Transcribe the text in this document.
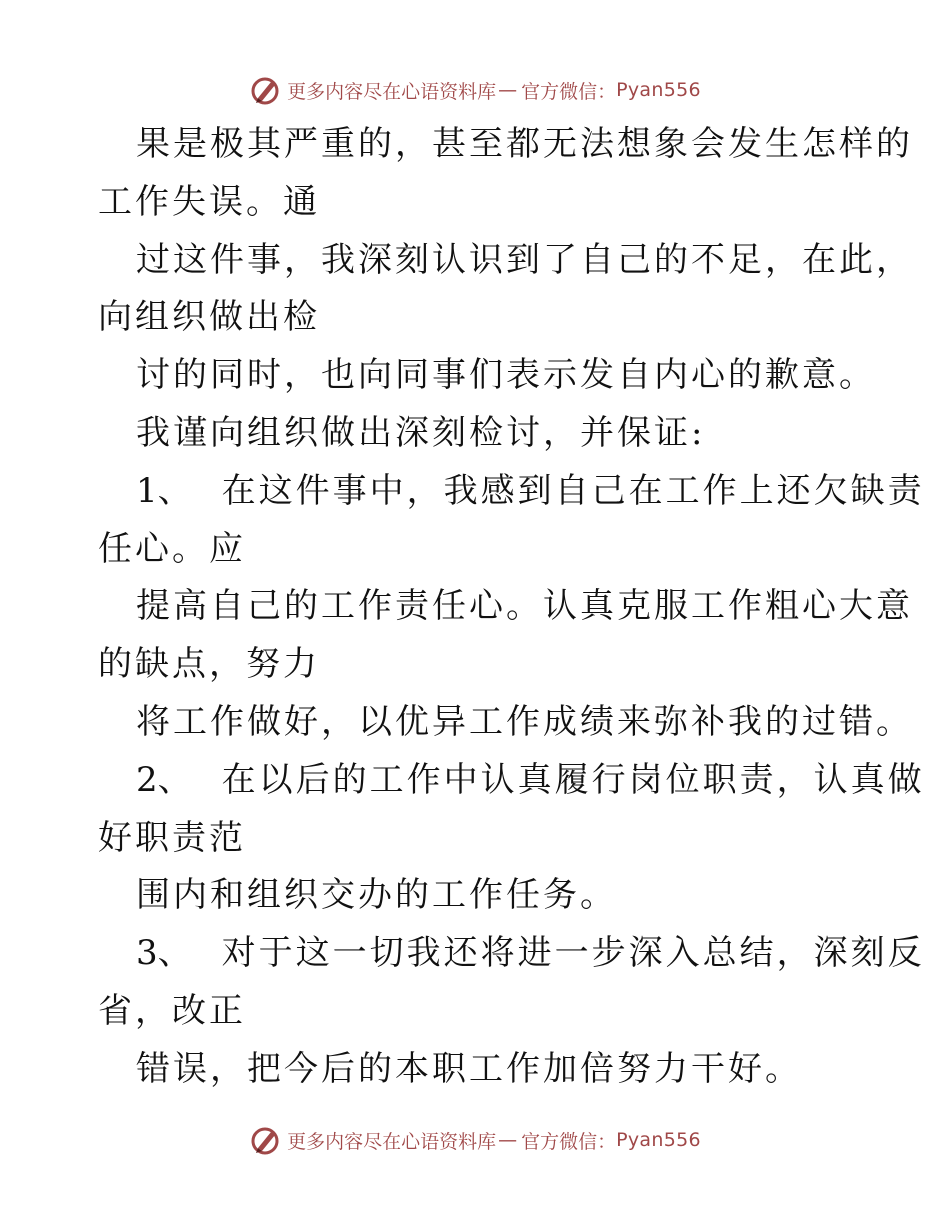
更多内容尽在心语资料库 — 官方微信： Pyan556
果是极其严重的，甚至都无法想象会发生怎样的
工作失误。通
过这件事，我深刻认识到了自己的不足，在此，
向组织做出检
讨的同时，也向同事们表示发自内心的歉意。
我谨向组织做出深刻检讨，并保证:
1、 在这件事中，我感到自己在工作上还欠缺责
任心。应
提高自己的工作责任心。认真克服工作粗心大意
的缺点，努力
将工作做好，以优异工作成绩来弥补我的过错。
2、 在以后的工作中认真履行岗位职责，认真做
好职责范
围内和组织交办的工作任务。
3、 对于这一切我还将进一步深入总结，深刻反
省，改正
错误，把今后的本职工作加倍努力干好。
更多内容尽在心语资料库 — 官方微信： Pyan556
